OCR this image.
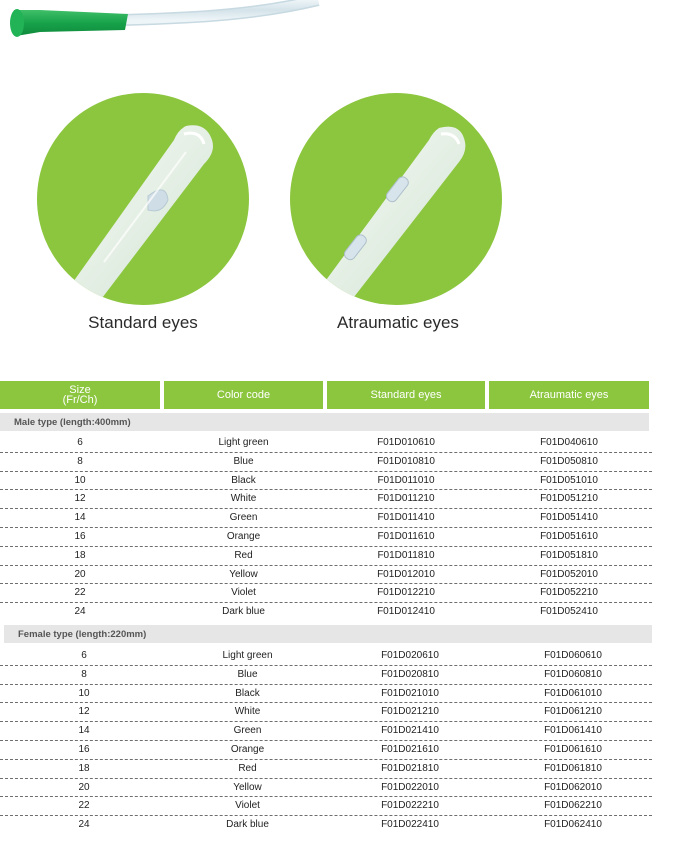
Standard eyes	Atraumatic eyes
Size
(Fr/Ch)	Color code	Standard eyes	Atraumatic eyes
Male type (length:400mm)
6	Light green	F01D010610	F01D040610
8	Blue	F01D010810	F01D050810
10	Black	F01D011010	F01D051010
12	White	F01D011210	F01D051210
14	Green	F01D011410	F01D051410
16	Orange	F01D011610	F01D051610
18	Red	F01D011810	F01D051810
20	Yellow	F01D012010	F01D052010
22	Violet	F01D012210	F01D052210
24	Dark blue	F01D012410	F01D052410
Female type (length:220mm)
6	Light green	F01D020610	F01D060610
8	Blue	F01D020810	F01D060810
10	Black	F01D021010	F01D061010
12	White	F01D021210	F01D061210
14	Green	F01D021410	F01D061410
16	Orange	F01D021610	F01D061610
18	Red	F01D021810	F01D061810
20	Yellow	F01D022010	F01D062010
22	Violet	F01D022210	F01D062210
24	Dark blue	F01D022410	F01D062410
